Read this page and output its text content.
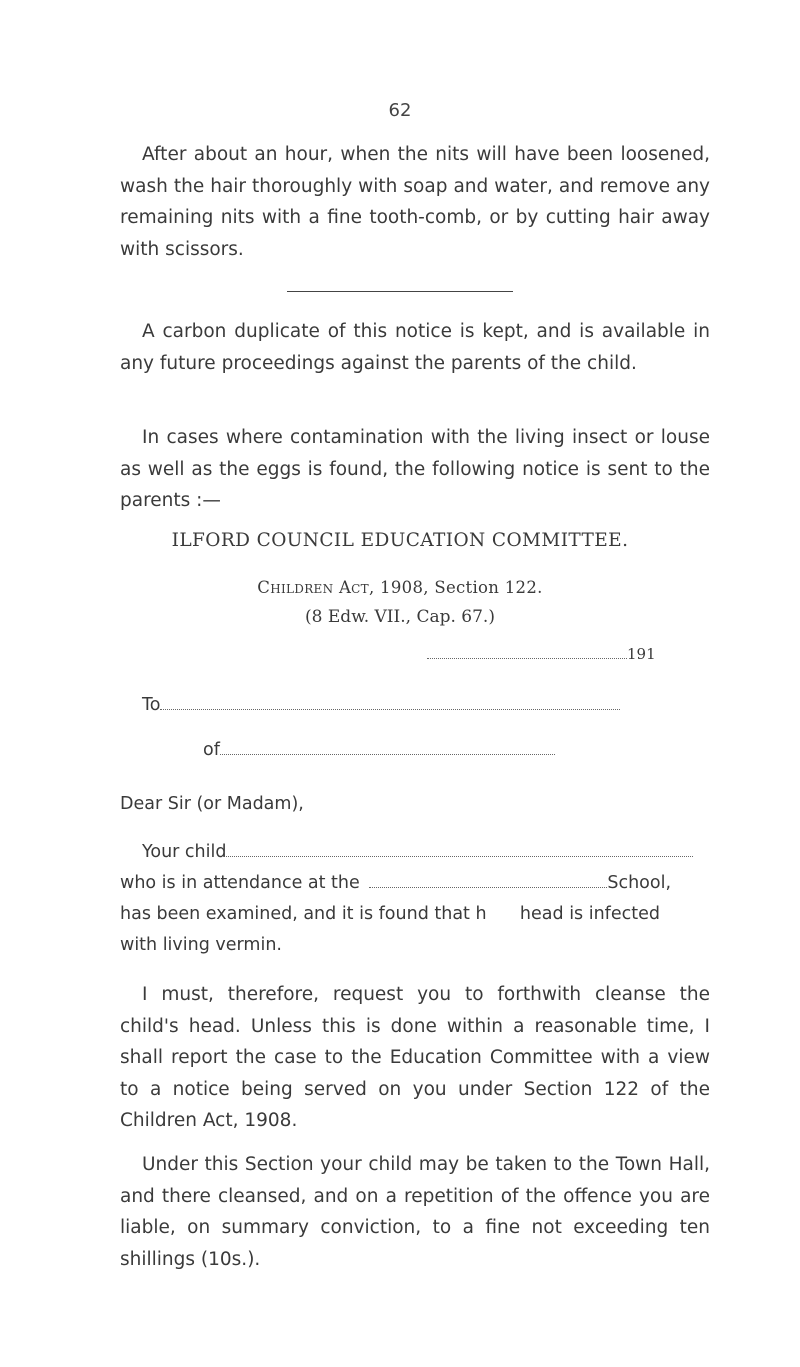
62

After about an hour, when the nits will have been loosened, wash the hair thoroughly with soap and water, and remove any remaining nits with a fine tooth-comb, or by cutting hair away with scissors.

A carbon duplicate of this notice is kept, and is available in any future proceedings against the parents of the child.

In cases where contamination with the living insect or louse as well as the eggs is found, the following notice is sent to the parents :—

ILFORD COUNCIL EDUCATION COMMITTEE.

Children Act, 1908, Section 122.

(8 Edw. VII., Cap. 67.)

191
To
of
Dear Sir (or Madam),
Your child
who is in attendance at the	School,
has been examined, and it is found that h      head is infected
with living vermin.

I must, therefore, request you to forthwith cleanse the child's head. Unless this is done within a reasonable time, I shall report the case to the Education Committee with a view to a notice being served on you under Section 122 of the Children Act, 1908.

Under this Section your child may be taken to the Town Hall, and there cleansed, and on a repetition of the offence you are liable, on summary conviction, to a fine not exceeding ten shillings (10s.).
